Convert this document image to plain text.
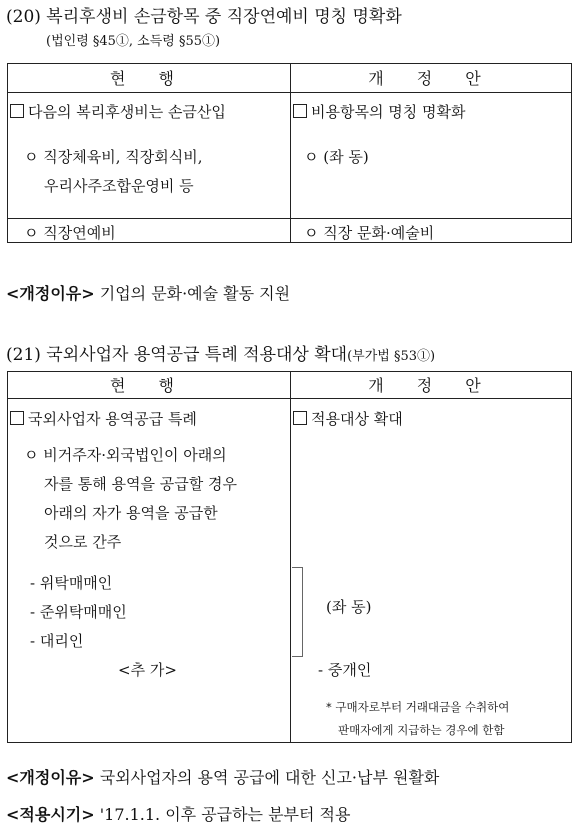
(20) 복리후생비 손금항목 중 직장연예비 명칭 명확화
(법인령 §45①, 소득령 §55①)
현 행	개 정 안
다음의 복리후생비는 손금산입
ㅇ 직장체육비, 직장회식비,
우리사주조합운영비 등
ㅇ 직장연예비
비용항목의 명칭 명확화
ㅇ (좌 동)
ㅇ 직장 문화·예술비
<개정이유> 기업의 문화·예술 활동 지원
(21) 국외사업자 용역공급 특례 적용대상 확대(부가법 §53①)
현 행	개 정 안
국외사업자 용역공급 특례
ㅇ 비거주자·외국법인이 아래의
자를 통해 용역을 공급할 경우
아래의 자가 용역을 공급한
것으로 간주
- 위탁매매인
- 준위탁매매인
- 대리인
<추 가>
적용대상 확대
(좌 동)
- 중개인
* 구매자로부터 거래대금을 수취하여
판매자에게 지급하는 경우에 한함
<개정이유> 국외사업자의 용역 공급에 대한 신고·납부 원활화
<적용시기> '17.1.1. 이후 공급하는 분부터 적용
